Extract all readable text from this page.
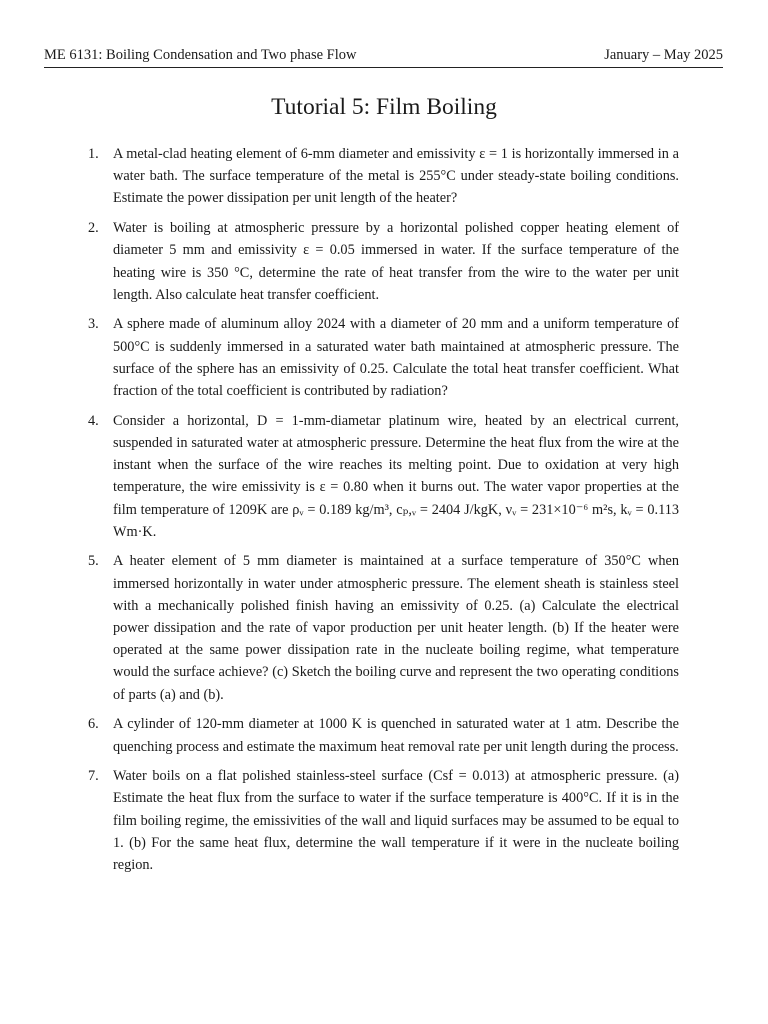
ME 6131: Boiling Condensation and Two phase Flow	January – May 2025
Tutorial 5: Film Boiling
1. A metal-clad heating element of 6-mm diameter and emissivity ε = 1 is horizontally immersed in a water bath. The surface temperature of the metal is 255°C under steady-state boiling conditions. Estimate the power dissipation per unit length of the heater?
2. Water is boiling at atmospheric pressure by a horizontal polished copper heating element of diameter 5 mm and emissivity ε = 0.05 immersed in water. If the surface temperature of the heating wire is 350 °C, determine the rate of heat transfer from the wire to the water per unit length. Also calculate heat transfer coefficient.
3. A sphere made of aluminum alloy 2024 with a diameter of 20 mm and a uniform temperature of 500°C is suddenly immersed in a saturated water bath maintained at atmospheric pressure. The surface of the sphere has an emissivity of 0.25. Calculate the total heat transfer coefficient. What fraction of the total coefficient is contributed by radiation?
4. Consider a horizontal, D = 1-mm-diametar platinum wire, heated by an electrical current, suspended in saturated water at atmospheric pressure. Determine the heat flux from the wire at the instant when the surface of the wire reaches its melting point. Due to oxidation at very high temperature, the wire emissivity is ε = 0.80 when it burns out. The water vapor properties at the film temperature of 1209K are ρᵥ = 0.189 kg/m³, cₚ,ᵥ = 2404 J/kgK, νᵥ = 231×10⁻⁶ m²s, kᵥ = 0.113 Wm·K.
5. A heater element of 5 mm diameter is maintained at a surface temperature of 350°C when immersed horizontally in water under atmospheric pressure. The element sheath is stainless steel with a mechanically polished finish having an emissivity of 0.25. (a) Calculate the electrical power dissipation and the rate of vapor production per unit heater length. (b) If the heater were operated at the same power dissipation rate in the nucleate boiling regime, what temperature would the surface achieve? (c) Sketch the boiling curve and represent the two operating conditions of parts (a) and (b).
6. A cylinder of 120-mm diameter at 1000 K is quenched in saturated water at 1 atm. Describe the quenching process and estimate the maximum heat removal rate per unit length during the process.
7. Water boils on a flat polished stainless-steel surface (Csf = 0.013) at atmospheric pressure. (a) Estimate the heat flux from the surface to water if the surface temperature is 400°C. If it is in the film boiling regime, the emissivities of the wall and liquid surfaces may be assumed to be equal to 1. (b) For the same heat flux, determine the wall temperature if it were in the nucleate boiling region.
